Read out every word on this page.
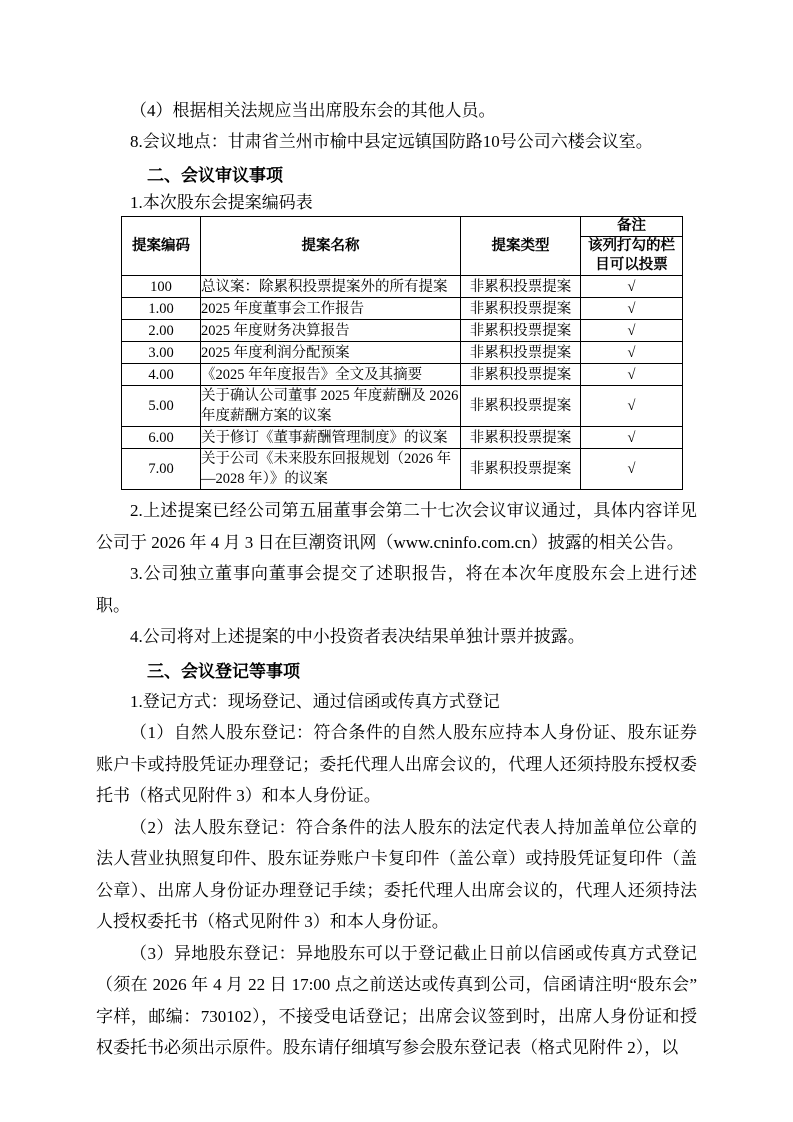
（4）根据相关法规应当出席股东会的其他人员。

8.会议地点：甘肃省兰州市榆中县定远镇国防路10号公司六楼会议室。

二、会议审议事项

1.本次股东会提案编码表

提案编码	提案名称	提案类型	备注
			该列打勾的栏目可以投票
100	总议案：除累积投票提案外的所有提案	非累积投票提案	√
1.00	2025 年度董事会工作报告	非累积投票提案	√
2.00	2025 年度财务决算报告	非累积投票提案	√
3.00	2025 年度利润分配预案	非累积投票提案	√
4.00	《2025 年年度报告》全文及其摘要	非累积投票提案	√
5.00	关于确认公司董事 2025 年度薪酬及 2026 年度薪酬方案的议案	非累积投票提案	√
6.00	关于修订《董事薪酬管理制度》的议案	非累积投票提案	√
7.00	关于公司《未来股东回报规划（2026 年—2028 年）》的议案	非累积投票提案	√

2.上述提案已经公司第五届董事会第二十七次会议审议通过，具体内容详见公司于 2026 年 4 月 3 日在巨潮资讯网（www.cninfo.com.cn）披露的相关公告。

3.公司独立董事向董事会提交了述职报告，将在本次年度股东会上进行述职。

4.公司将对上述提案的中小投资者表决结果单独计票并披露。

三、会议登记等事项

1.登记方式：现场登记、通过信函或传真方式登记

（1）自然人股东登记：符合条件的自然人股东应持本人身份证、股东证券账户卡或持股凭证办理登记；委托代理人出席会议的，代理人还须持股东授权委托书（格式见附件 3）和本人身份证。

（2）法人股东登记：符合条件的法人股东的法定代表人持加盖单位公章的法人营业执照复印件、股东证券账户卡复印件（盖公章）或持股凭证复印件（盖公章）、出席人身份证办理登记手续；委托代理人出席会议的，代理人还须持法人授权委托书（格式见附件 3）和本人身份证。

（3）异地股东登记：异地股东可以于登记截止日前以信函或传真方式登记（须在 2026 年 4 月 22 日 17:00 点之前送达或传真到公司，信函请注明“股东会”字样，邮编：730102），不接受电话登记；出席会议签到时，出席人身份证和授权委托书必须出示原件。股东请仔细填写参会股东登记表（格式见附件 2），以
